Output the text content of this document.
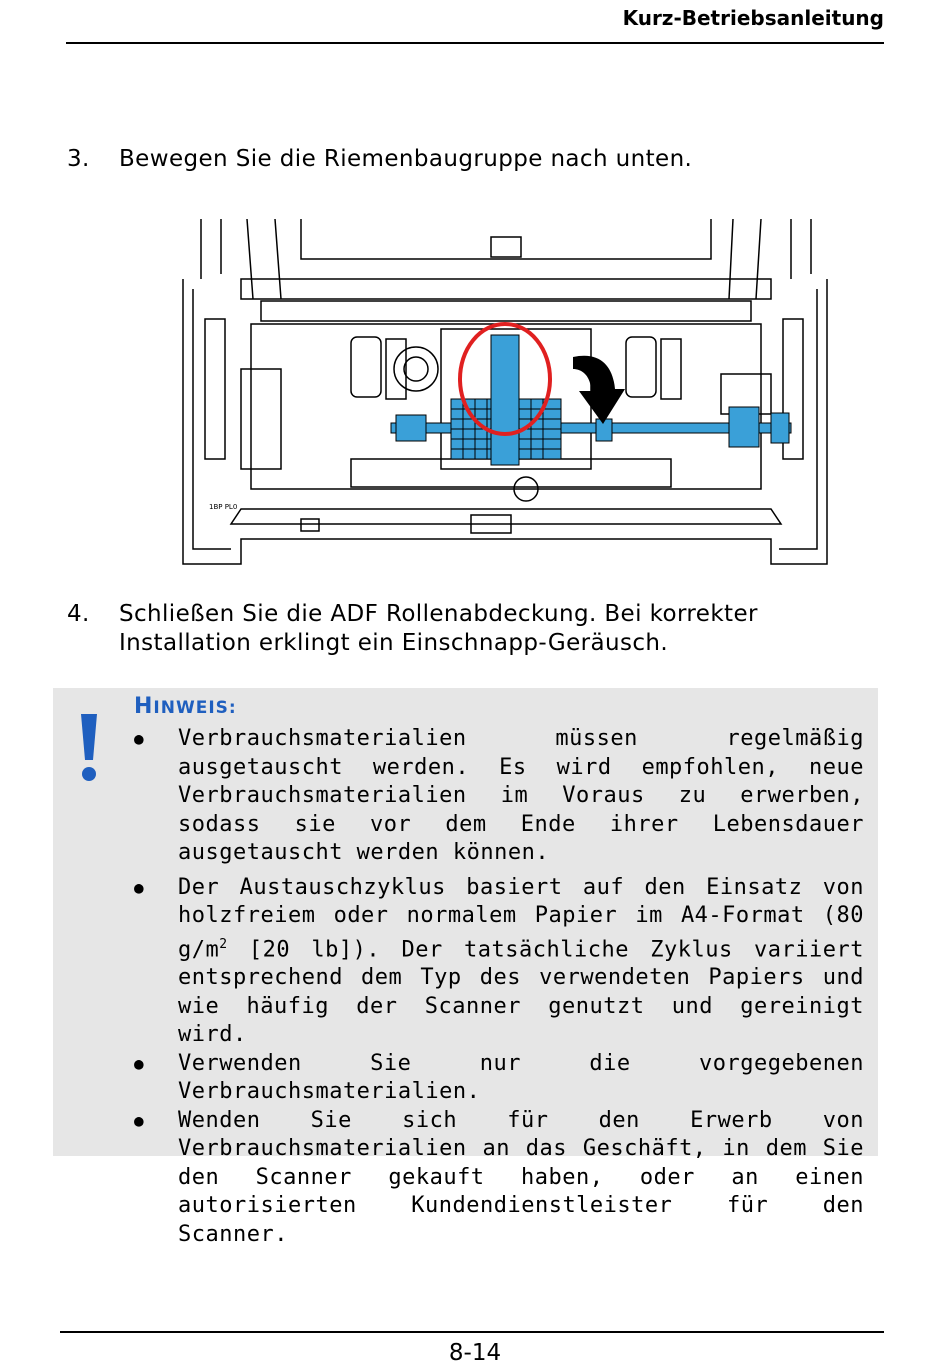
Kurz-Betriebsanleitung
3. Bewegen Sie die Riemenbaugruppe nach unten.
1BP PL0
4. Schließen Sie die ADF Rollenabdeckung. Bei korrekter Installation erklingt ein Einschnapp-Geräusch.
HINWEIS:
● Verbrauchsmaterialien müssen regelmäßig ausgetauscht werden. Es wird empfohlen, neue Verbrauchsmaterialien im Voraus zu erwerben, sodass sie vor dem Ende ihrer Lebensdauer ausgetauscht werden können.
● Der Austauschzyklus basiert auf den Einsatz von holzfreiem oder normalem Papier im A4-Format (80 $g/m^2$ [20 lb]). Der tatsächliche Zyklus variiert entsprechend dem Typ des verwendeten Papiers und wie häufig der Scanner genutzt und gereinigt wird.
● Verwenden Sie nur die vorgegebenen Verbrauchsmaterialien.
● Wenden Sie sich für den Erwerb von Verbrauchsmaterialien an das Geschäft, in dem Sie den Scanner gekauft haben, oder an einen autorisierten Kundendienstleister für den Scanner.
8-14
